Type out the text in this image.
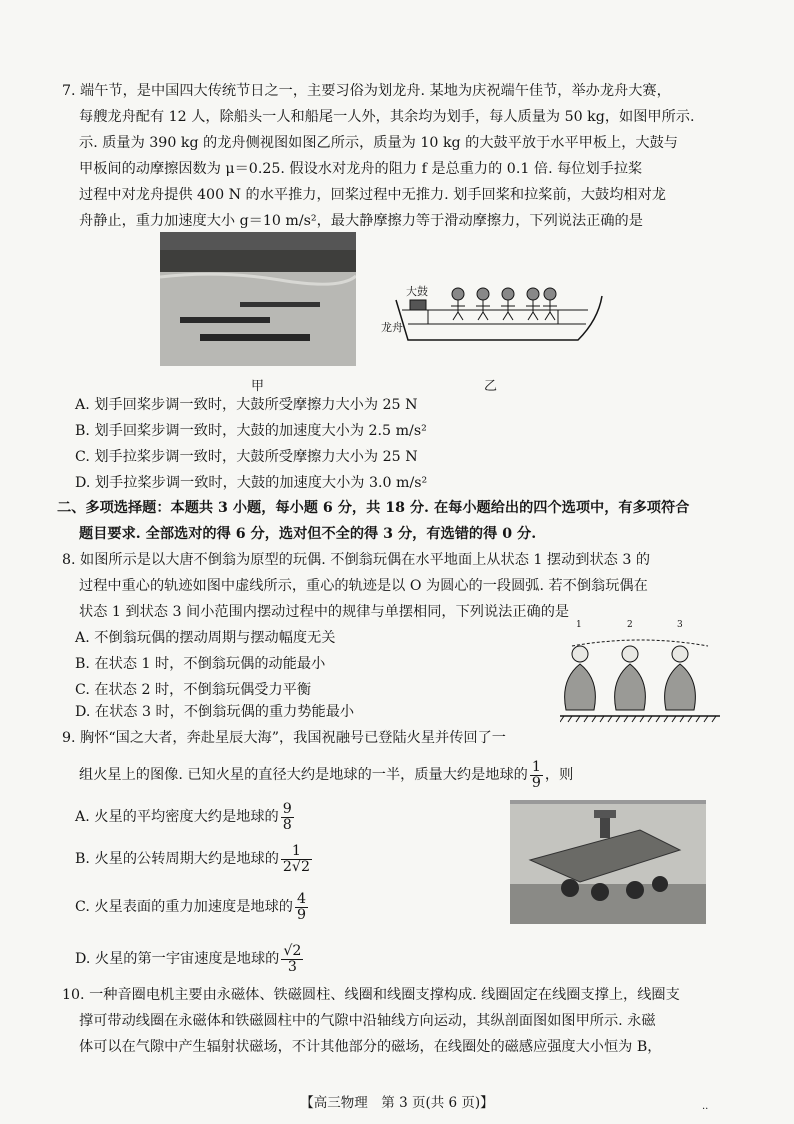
7. 端午节，是中国四大传统节日之一，主要习俗为划龙舟. 某地为庆祝端午佳节，举办龙舟大赛，
每艘龙舟配有 12 人，除船头一人和船尾一人外，其余均为划手，每人质量为 50 kg，如图甲所示.
示. 质量为 390 kg 的龙舟侧视图如图乙所示，质量为 10 kg 的大鼓平放于水平甲板上，大鼓与
甲板间的动摩擦因数为 μ＝0.25. 假设水对龙舟的阻力 f 是总重力的 0.1 倍. 每位划手拉桨
过程中对龙舟提供 400 N 的水平推力，回桨过程中无推力. 划手回桨和拉桨前，大鼓均相对龙
舟静止，重力加速度大小 g＝10 m/s²，最大静摩擦力等于滑动摩擦力，下列说法正确的是
甲
大鼓
龙舟
乙
A. 划手回桨步调一致时，大鼓所受摩擦力大小为 25 N
B. 划手回桨步调一致时，大鼓的加速度大小为 2.5 m/s²
C. 划手拉桨步调一致时，大鼓所受摩擦力大小为 25 N
D. 划手拉桨步调一致时，大鼓的加速度大小为 3.0 m/s²
二、多项选择题：本题共 3 小题，每小题 6 分，共 18 分. 在每小题给出的四个选项中，有多项符合
题目要求. 全部选对的得 6 分，选对但不全的得 3 分，有选错的得 0 分.
8. 如图所示是以大唐不倒翁为原型的玩偶. 不倒翁玩偶在水平地面上从状态 1 摆动到状态 3 的
过程中重心的轨迹如图中虚线所示，重心的轨迹是以 O 为圆心的一段圆弧. 若不倒翁玩偶在
状态 1 到状态 3 间小范围内摆动过程中的规律与单摆相同，下列说法正确的是
A. 不倒翁玩偶的摆动周期与摆动幅度无关
B. 在状态 1 时，不倒翁玩偶的动能最小
C. 在状态 2 时，不倒翁玩偶受力平衡
D. 在状态 3 时，不倒翁玩偶的重力势能最小
1	2	3
9. 胸怀“国之大者，奔赴星辰大海”，我国祝融号已登陆火星并传回了一
组火星上的图像. 已知火星的直径大约是地球的一半，质量大约是地球的 $\frac{1}{9}$ ，则
A. 火星的平均密度大约是地球的 $\frac{9}{8}$
B. 火星的公转周期大约是地球的 $\frac{1}{2√2}$
C. 火星表面的重力加速度是地球的 $\frac{4}{9}$
D. 火星的第一宇宙速度是地球的 $\frac{√2}{3}$
10. 一种音圈电机主要由永磁体、铁磁圆柱、线圈和线圈支撑构成. 线圈固定在线圈支撑上，线圈支
撑可带动线圈在永磁体和铁磁圆柱中的气隙中沿轴线方向运动，其纵剖面图如图甲所示. 永磁
体可以在气隙中产生辐射状磁场，不计其他部分的磁场，在线圈处的磁感应强度大小恒为 B，
【高三物理　第 3 页(共 6 页)】	..
